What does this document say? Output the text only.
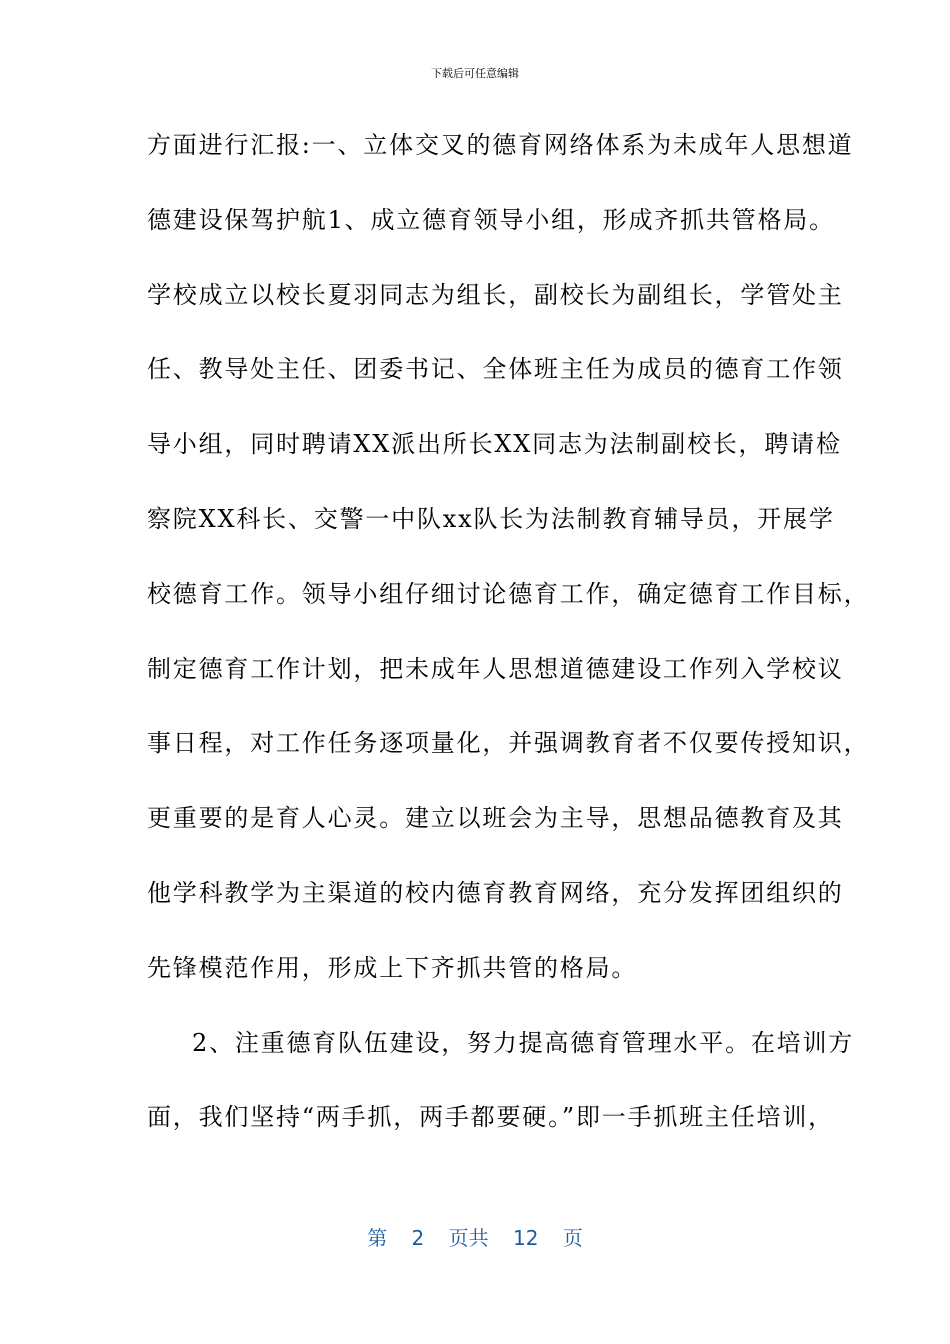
下载后可任意编辑
方面进行汇报:一、立体交叉的德育网络体系为未成年人思想道
德建设保驾护航1、成立德育领导小组，形成齐抓共管格局。
学校成立以校长夏羽同志为组长，副校长为副组长，学管处主
任、教导处主任、团委书记、全体班主任为成员的德育工作领
导小组，同时聘请XX派出所长XX同志为法制副校长，聘请检
察院XX科长、交警一中队xx队长为法制教育辅导员，开展学
校德育工作。领导小组仔细讨论德育工作，确定德育工作目标，
制定德育工作计划，把未成年人思想道德建设工作列入学校议
事日程，对工作任务逐项量化，并强调教育者不仅要传授知识，
更重要的是育人心灵。建立以班会为主导，思想品德教育及其
他学科教学为主渠道的校内德育教育网络，充分发挥团组织的
先锋模范作用，形成上下齐抓共管的格局。
2、注重德育队伍建设，努力提高德育管理水平。在培训方
面，我们坚持“两手抓，两手都要硬。”即一手抓班主任培训，
第 2 页共 12 页
